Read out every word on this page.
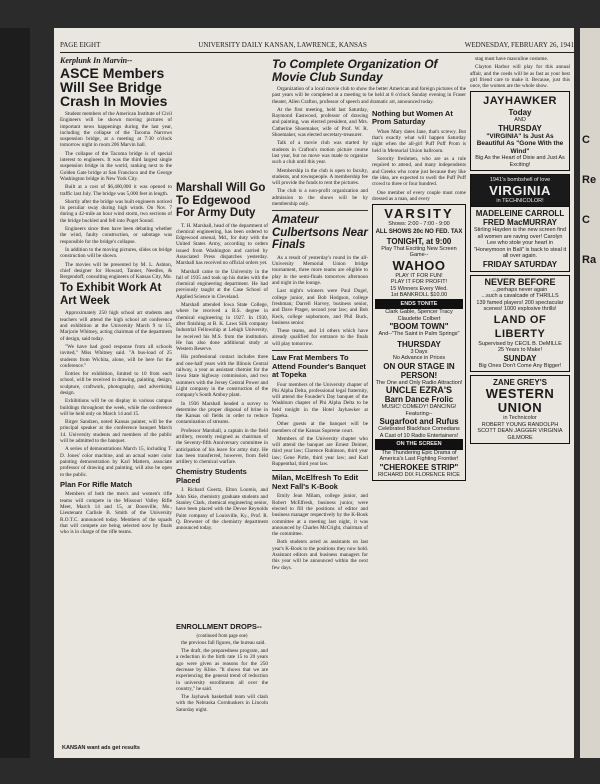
PAGE EIGHT	UNIVERSITY DAILY KANSAN, LAWRENCE, KANSAS	WEDNESDAY, FEBRUARY 26, 1941
Kerplunk In Marvin--
ASCE Members Will See Bridge Crash In Movies

Student members of the American Institute of Civil Engineers will be shown moving pictures of important news happenings during the last year, including the collapse of the Tacoma Narrows suspension bridge, at a meeting at 7:30 o'clock tomorrow night in room 206 Marvin hall.

The collapse of the Tacoma bridge is of special interest to engineers. It was the third largest single suspension bridge in the world, ranking next to the Golden Gate bridge at San Francisco and the George Washington bridge in New York City.

Built at a cost of $6,400,000 it was opened to traffic last July. The bridge was 5,000 feet in length.

Shortly after the bridge was built engineers noticed its peculiar sway during high winds. On Nov. 7 during a 42-mile an hour wind storm, two sections of the bridge buckled and fell into Puget Sound.

Engineers since then have been debating whether the wind, faulty construction, or sabotage was responsible for the bridge's collapse.

In addition to the moving pictures, slides on bridge construction will be shown.

The movies will be presented by M. L. Ashton, chief designer for Howard, Tanner, Needles, & Bergendoff, consulting engineers of Kansas City, Mo.

To Exhibit Work At Art Week

Approximately 250 high school art students and teachers will attend the high school art conference and exhibition at the University March 9 to 15, Marjorie Whitney, acting chairman of the department of design, said today.

"We have had good response from all schools invited," Miss Whitney said. "A bus-load of 25 students from Wichita, alone, will be here for the conference."

Entries for exhibition, limited to 10 from each school, will be received in drawing, painting, design, sculpture, craftwork, photography, and advertising design.

Exhibitions will be on display in various campus buildings throughout the week, while the conference will be held only on March 14 and 15.

Birger Sandzen, noted Kansas painter, will be the principal speaker at the conference banquet March 14. University students and members of the public will be admitted to the banquet.

A series of demonstrations March 15, including T. D. Jones' color machine, and an actual water color painting demonstration by Karl Mattern, associate professor of drawing and painting, will also be open to the public.

Plan For Rifle Match

Members of both the men's and women's rifle teams will compete in the Missouri Valley Rifle Meet, March 14 and 15, at Boonville, Mo., Lieutenant Carlisle B. Smith of the University R.O.T.C. announced today. Members of the squads that will compete are being selected now by finals who is in charge of the rifle teams.

KANSAN want ads get results
Marshall Will Go To Edgewood For Army Duty

T. H. Marshall, head of the department of chemical engineering, has been ordered to Edgewood arsenal, Md., for duty with the United States Army, according to orders issued from Washington and carried by Associated Press dispatches yesterday. Marshall has received no official orders yet.

Marshall came to the University in the fall of 1935 and took up his duties with the chemical engineering department. He had previously taught at the Case School of Applied Science in Cleveland.

Marshall attended Iowa State College, where he received a B.S. degree in chemical engineering in 1927. In 1930, after finishing at B. K. Laws Silk company Industrial Fellowship at Lehigh University, he received his M.S. from the institution. He has also done additional study at Western Reserve.

His professional contact includes three and one-half years with the Illinois Central railway, a year as assistant chemist for the Iowa State highway commission, and two summers with the Jersey Central Power and Light company in the construction of the company's South Amboy plant.

In 1936 Marshall headed a survey to determine the proper disposal of brine in the Kansas oil fields in order to reduce contamination of streams.

Professor Marshall, a captain in the field artillery, recently resigned as chairman of the Seventy-fifth Anniversary committee in anticipation of his leave for army duty. He has been transferred, however, from field artillery to chemical warfare.

Chemistry Students Placed

J. Richard Goertz, Elton Loomis, and John Skie, chemistry graduate students and Stanley Clark, chemical engineering senior, have been placed with the Devoe Reynolds Paint company of Louisville, Ky., Prof. R. Q. Brewster of the chemistry department announced today.

To Complete Organization Of Movie Club Sunday

Organization of a local movie club to show the better American and foreign pictures of the past years will be completed at a meeting to be held at 8 o'clock Sunday evening in Fraser theater, Allen Crafton, professor of speech and dramatic art, announced today.

At the first meeting, held last Saturday, Raymond Eastwood, professor of drawing and painting, was elected president, and Mrs. Catherine Shoemaker, wife of Prof. W. R. Shoemaker, was elected secretary-treasurer.

Talk of a movie club was started by students in Crafton's motion picture course last year, but no move was made to organize such a club until this year.

Membership in the club is open to faculty, students, and townspeople. A membership fee will provide the funds to rent the pictures.

The club is a non-profit organization and admission to the shows will be by membership only.

Amateur Culbertsons Near Finals

As a result of yesterday's round in the all-University Memorial Union bridge tournament, three more teams are eligible to play in the semi-finals tomorrow afternoon and night in the lounge.

Last night's winners were Paul Dugel, college junior, and Bob Hodgson, college freshman; Darrell Harvey, business senior, and Dave Prager, second year law; and Bob Keck, college sophomore, and Phil Buck, business senior.

These teams, and 14 others which have already qualified for entrance to the finals will play tomorrow.

Law Frat Members To Attend Founder's Banquet at Topeka

Four members of the University chapter of Phi Alpha Delta, professional legal fraternity, will attend the Founder's Day banquet of the Washburn chapter of Phi Alpha Delta to be held tonight in the Hotel Jayhawker at Topeka.

Other guests at the banquet will be members of the Kansas Supreme court.

Members of the University chapter who will attend the banquet are Ernest Deimer, third year law; Clarence Rubinson, third year law; Gene Pirtle, third year law; and Karl Ruppenthal, third year law.

Milan, McElfresh To Edit Next Fall's K-Book

Emily Jean Milam, college junior, and Robert McElfresh, business junior, were elected to fill the positions of editor and business manager respectively by the K-Book committee at a meeting last night, it was announced by Charles McCright, chairman of the committee.

Both students acted as assistants on last year's K-Book to the positions they now hold. Assistant editors and business managers for this year will be announced within the next few days.

Nothing but Women At Prom Saturday

When Mary dates Jane, that's screwy. But that's exactly what will happen Saturday night when the all-girl Puff Puff Prom is held in Memorial Union ballroom.

Sorority freshmen, who are as a rule required to attend, and many independents and Greeks who come just because they like the idea, are expected to swell the Puff Puff crowd to three or four hundred.

One member of every couple must come dressed as a man, and every

VARSITY
Shows: 2:00 - 7:00 - 9:00
ALL SHOWS 20c NO FED. TAX
TONIGHT, at 9:00
Play That Exciting New Screen Game--
WAHOO
PLAY IT FOR FUN!
PLAY IT FOR PROFIT!
15 Winners Every Wed.
1st BANKROLL $10.00
ENDS TONITE
Clark Gable, Spencer Tracy Claudette Colbert
"BOOM TOWN"
And--"The Saint in Palm Springs"
THURSDAY
3 Days
No Advance in Prices
ON OUR STAGE IN PERSON!
The One and Only Radio Attraction!
UNCLE EZRA'S
Barn Dance Frolic
MUSIC! COMEDY! DANCING!
Featuring--
Sugarfoot and Rufus
Celebrated Blackface Comedians
A Cast of 10 Radio Entertainers!
ON THE SCREEN
The Thundering Epic Drama of America's Last Fighting Frontier!
"CHEROKEE STRIP"
RICHARD DIX FLORENCE RICE
ENROLLMENT DROPS--
(continued from page one)

the previous fall figures, the bureau said.

The draft, the preparedness program, and a reduction in the birth rate 15 to 20 years ago were given as reasons for the 250 decrease by Kline. "It shows that we are experiencing the general trend of reduction in university enrollments all over the country," he said.

The Jayhawk basketball team will clash with the Nebraska Cornhuskers in Lincoln Saturday night.

stag must have masculine costume.

Clayton Harbur will play for this annual affair, and the coeds will be as fast as your best girl friend care to make it. Because, just this once, the women are the whole show.

JAYHAWKER
Today
AND
THURSDAY
"VIRGINIA" Is Just As Beautiful As "Gone With the Wind"
Big As the Heart of Dixie and Just As Exciting!
1941's bombshell of love
VIRGINIA
in TECHNICOLOR!
MADELEINE CARROLL
FRED MacMURRAY
Stirling Hayden is the new screen find all women are raving over! Carolyn Lee who stole your heart in "Honeymoon in Bali" is back to steal it all over again.
FRIDAY SATURDAY
NEVER BEFORE
...perhaps never again
...such a cavalcade of THRILLS
139 famed players! 200 spectacular scenes! 1000 explosive thrills!
LAND OF LIBERTY
Supervised by CECIL B. DeMILLE
25 Years to Make!
SUNDAY
Big Ones Don't Come Any Bigger!
ZANE GREY'S
WESTERN UNION
in Technicolor
ROBERT YOUNG RANDOLPH SCOTT DEAN JAGGER VIRGINIA GILMORE
C
Re
C
Ra
